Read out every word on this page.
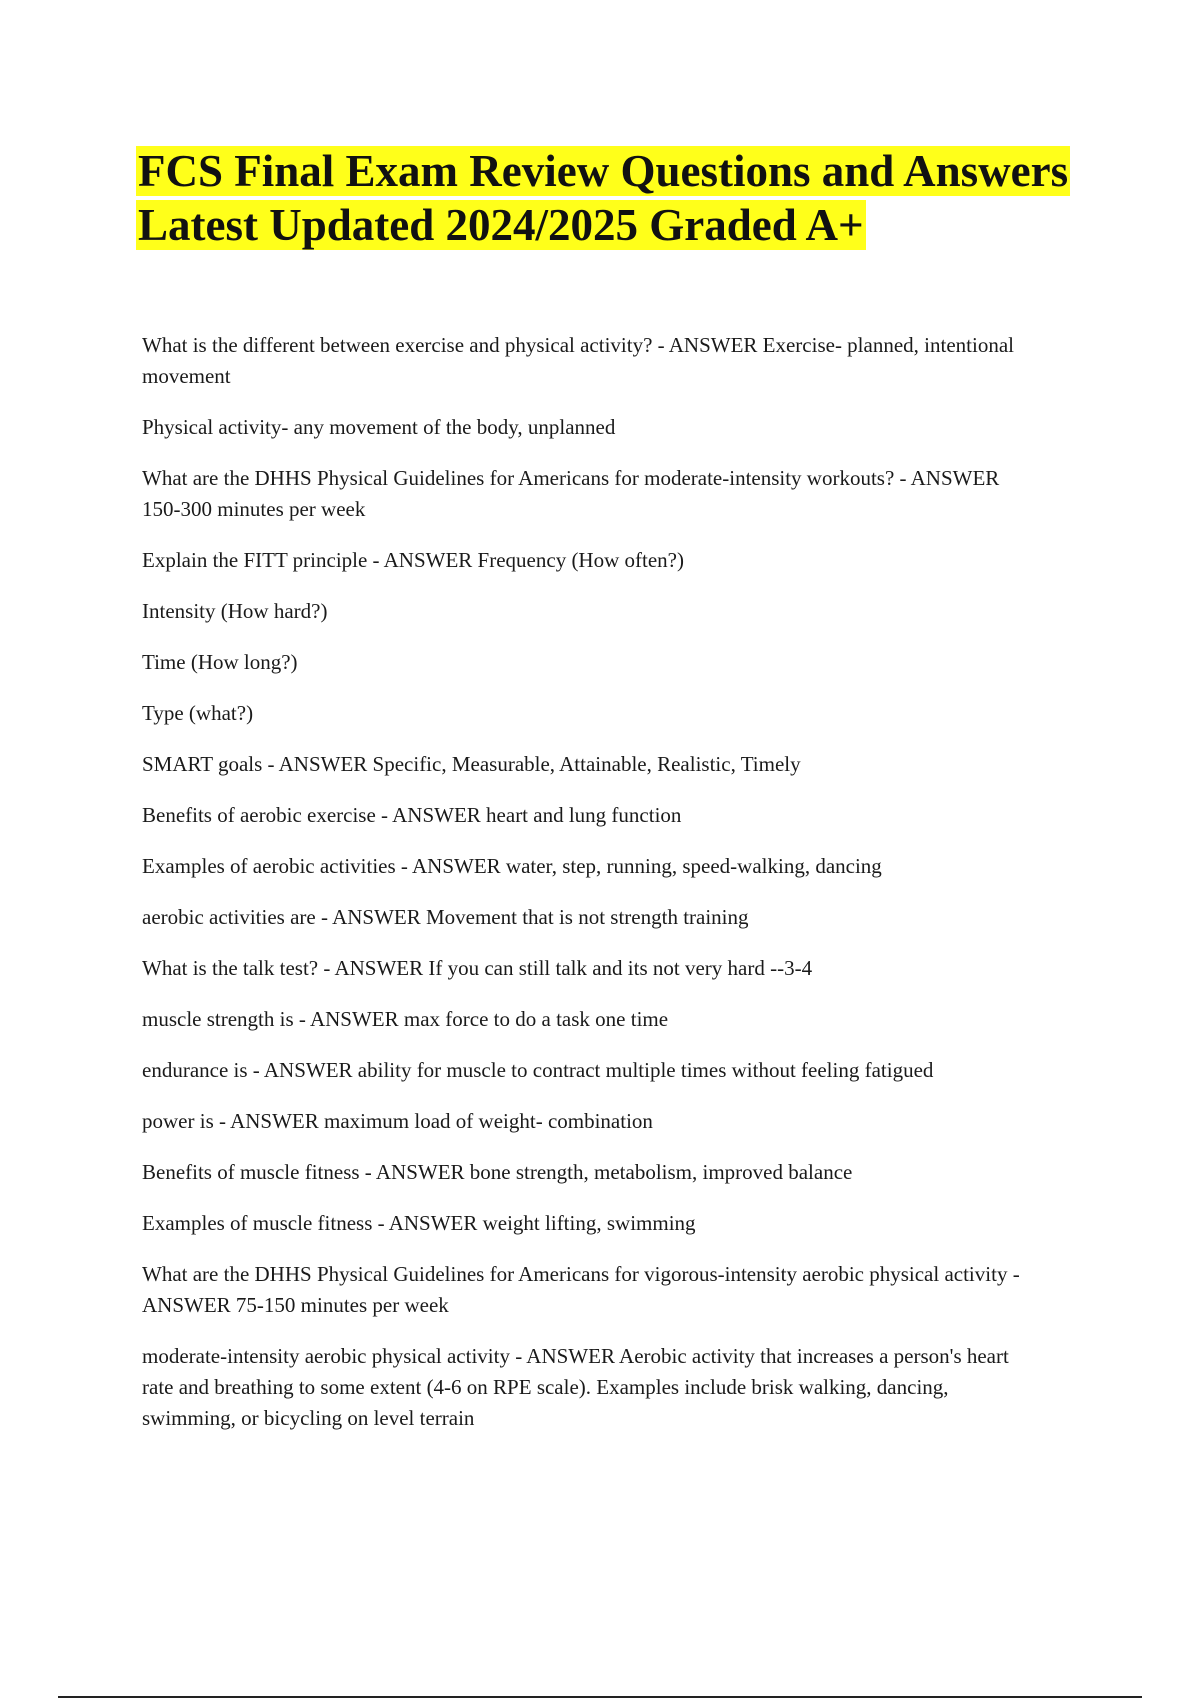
FCS Final Exam Review Questions and Answers Latest Updated 2024/2025 Graded A+
What is the different between exercise and physical activity? - ANSWER Exercise- planned, intentional movement
Physical activity- any movement of the body, unplanned
What are the DHHS Physical Guidelines for Americans for moderate-intensity workouts? - ANSWER 150-300 minutes per week
Explain the FITT principle - ANSWER Frequency (How often?)
Intensity (How hard?)
Time (How long?)
Type (what?)
SMART goals - ANSWER Specific, Measurable, Attainable, Realistic, Timely
Benefits of aerobic exercise - ANSWER heart and lung function
Examples of aerobic activities - ANSWER water, step, running, speed-walking, dancing
aerobic activities are - ANSWER Movement that is not strength training
What is the talk test? - ANSWER If you can still talk and its not very hard --3-4
muscle strength is - ANSWER max force to do a task one time
endurance is - ANSWER ability for muscle to contract multiple times without feeling fatigued
power is - ANSWER maximum load of weight- combination
Benefits of muscle fitness - ANSWER bone strength, metabolism, improved balance
Examples of muscle fitness - ANSWER weight lifting, swimming
What are the DHHS Physical Guidelines for Americans for vigorous-intensity aerobic physical activity - ANSWER 75-150 minutes per week
moderate-intensity aerobic physical activity - ANSWER Aerobic activity that increases a person's heart rate and breathing to some extent (4-6 on RPE scale). Examples include brisk walking, dancing, swimming, or bicycling on level terrain
